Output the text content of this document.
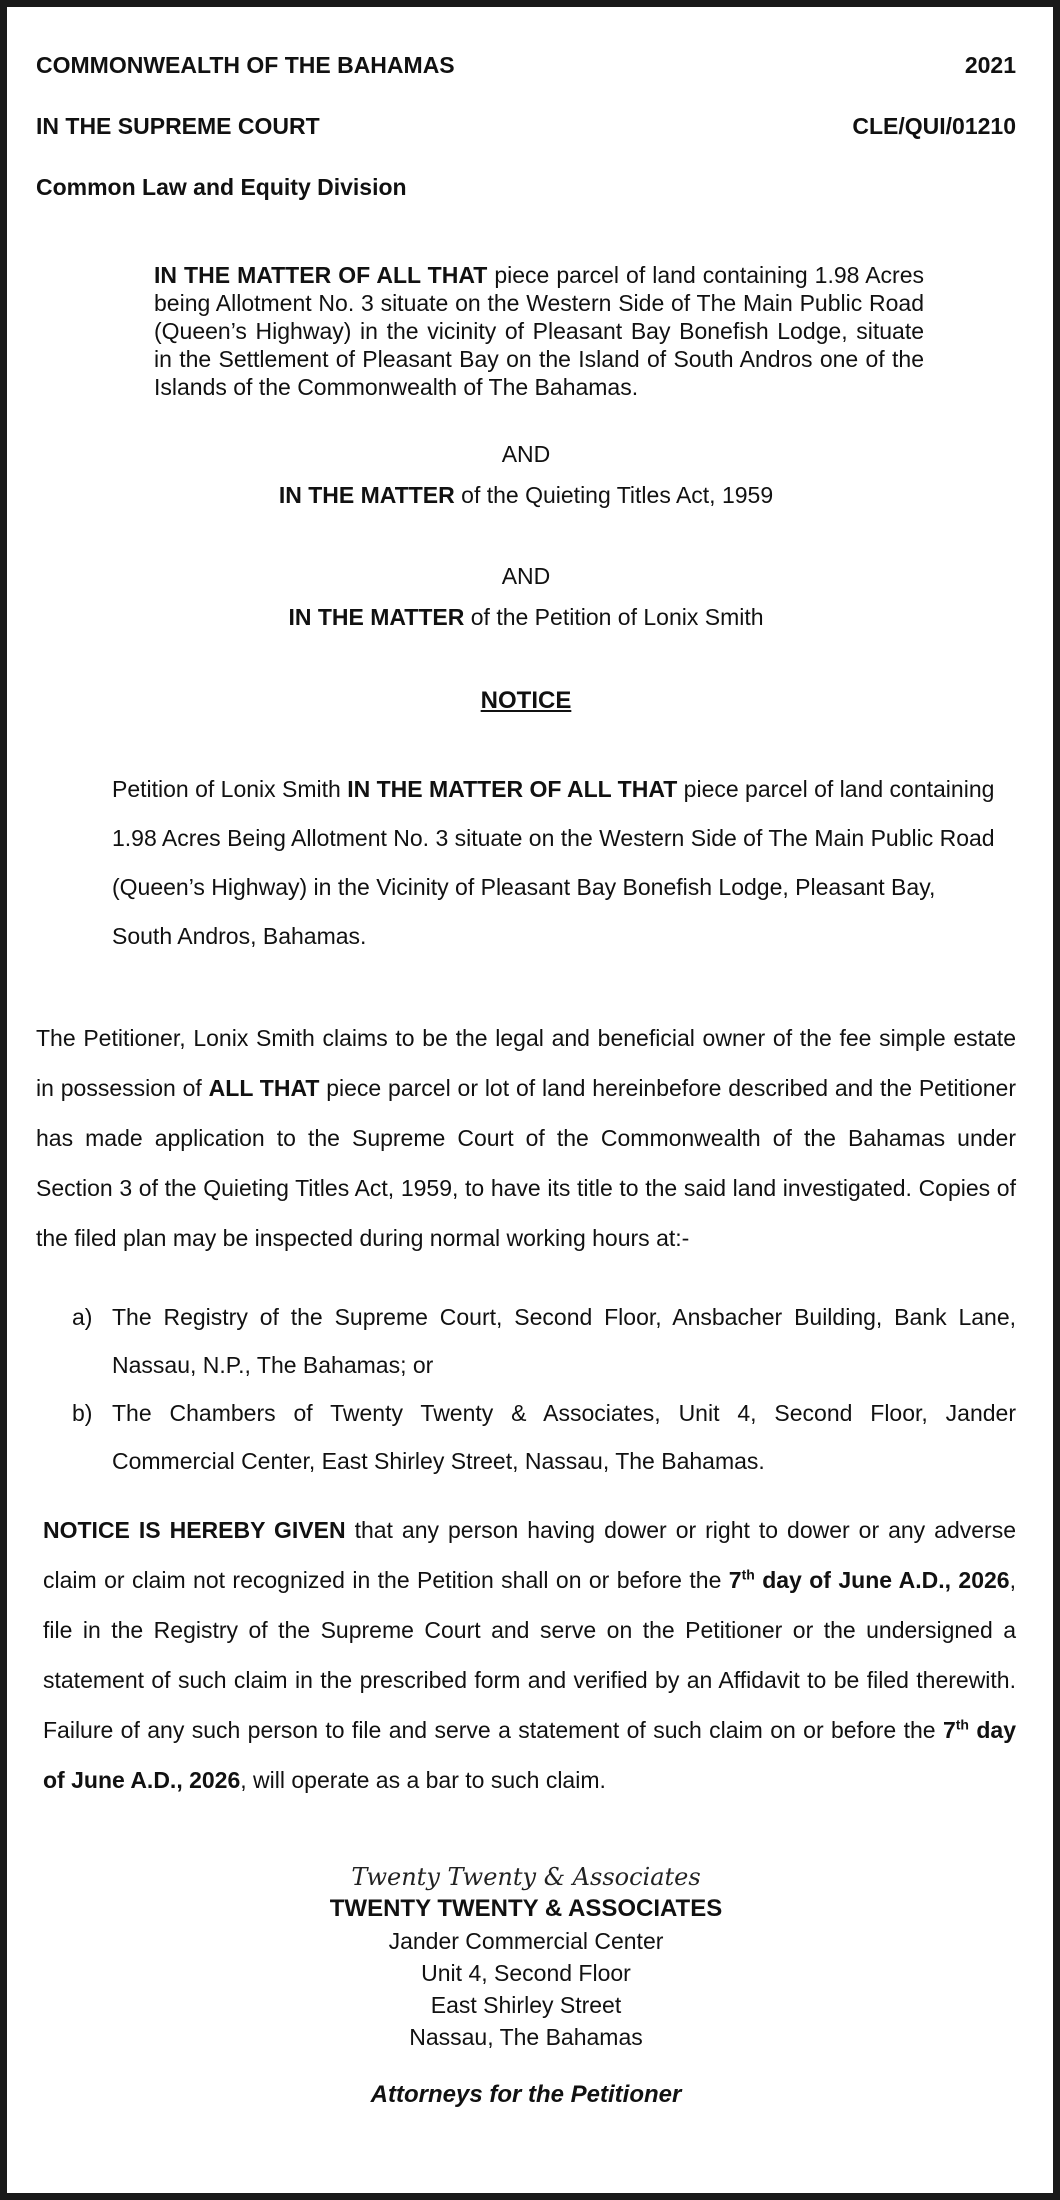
COMMONWEALTH OF THE BAHAMAS	2021
IN THE SUPREME COURT	CLE/QUI/01210
Common Law and Equity Division
IN THE MATTER OF ALL THAT piece parcel of land containing 1.98 Acres being Allotment No. 3 situate on the Western Side of The Main Public Road (Queen’s Highway) in the vicinity of Pleasant Bay Bonefish Lodge, situate in the Settlement of Pleasant Bay on the Island of South Andros one of the Islands of the Commonwealth of The Bahamas.
AND
IN THE MATTER of the Quieting Titles Act, 1959
AND
IN THE MATTER of the Petition of Lonix Smith
NOTICE
Petition of Lonix Smith IN THE MATTER OF ALL THAT piece parcel of land containing 1.98 Acres Being Allotment No. 3 situate on the Western Side of The Main Public Road (Queen’s Highway) in the Vicinity of Pleasant Bay Bonefish Lodge, Pleasant Bay, South Andros, Bahamas.
The Petitioner, Lonix Smith claims to be the legal and beneficial owner of the fee simple estate in possession of ALL THAT piece parcel or lot of land hereinbefore described and the Petitioner has made application to the Supreme Court of the Commonwealth of the Bahamas under Section 3 of the Quieting Titles Act, 1959, to have its title to the said land investigated. Copies of the filed plan may be inspected during normal working hours at:-
a) The Registry of the Supreme Court, Second Floor, Ansbacher Building, Bank Lane, Nassau, N.P., The Bahamas; or
b) The Chambers of Twenty Twenty & Associates, Unit 4, Second Floor, Jander Commercial Center, East Shirley Street, Nassau, The Bahamas.
NOTICE IS HEREBY GIVEN that any person having dower or right to dower or any adverse claim or claim not recognized in the Petition shall on or before the 7th day of June A.D., 2026, file in the Registry of the Supreme Court and serve on the Petitioner or the undersigned a statement of such claim in the prescribed form and verified by an Affidavit to be filed therewith. Failure of any such person to file and serve a statement of such claim on or before the 7th day of June A.D., 2026, will operate as a bar to such claim.
Twenty Twenty & Associates
TWENTY TWENTY & ASSOCIATES
Jander Commercial Center
Unit 4, Second Floor
East Shirley Street
Nassau, The Bahamas
Attorneys for the Petitioner
